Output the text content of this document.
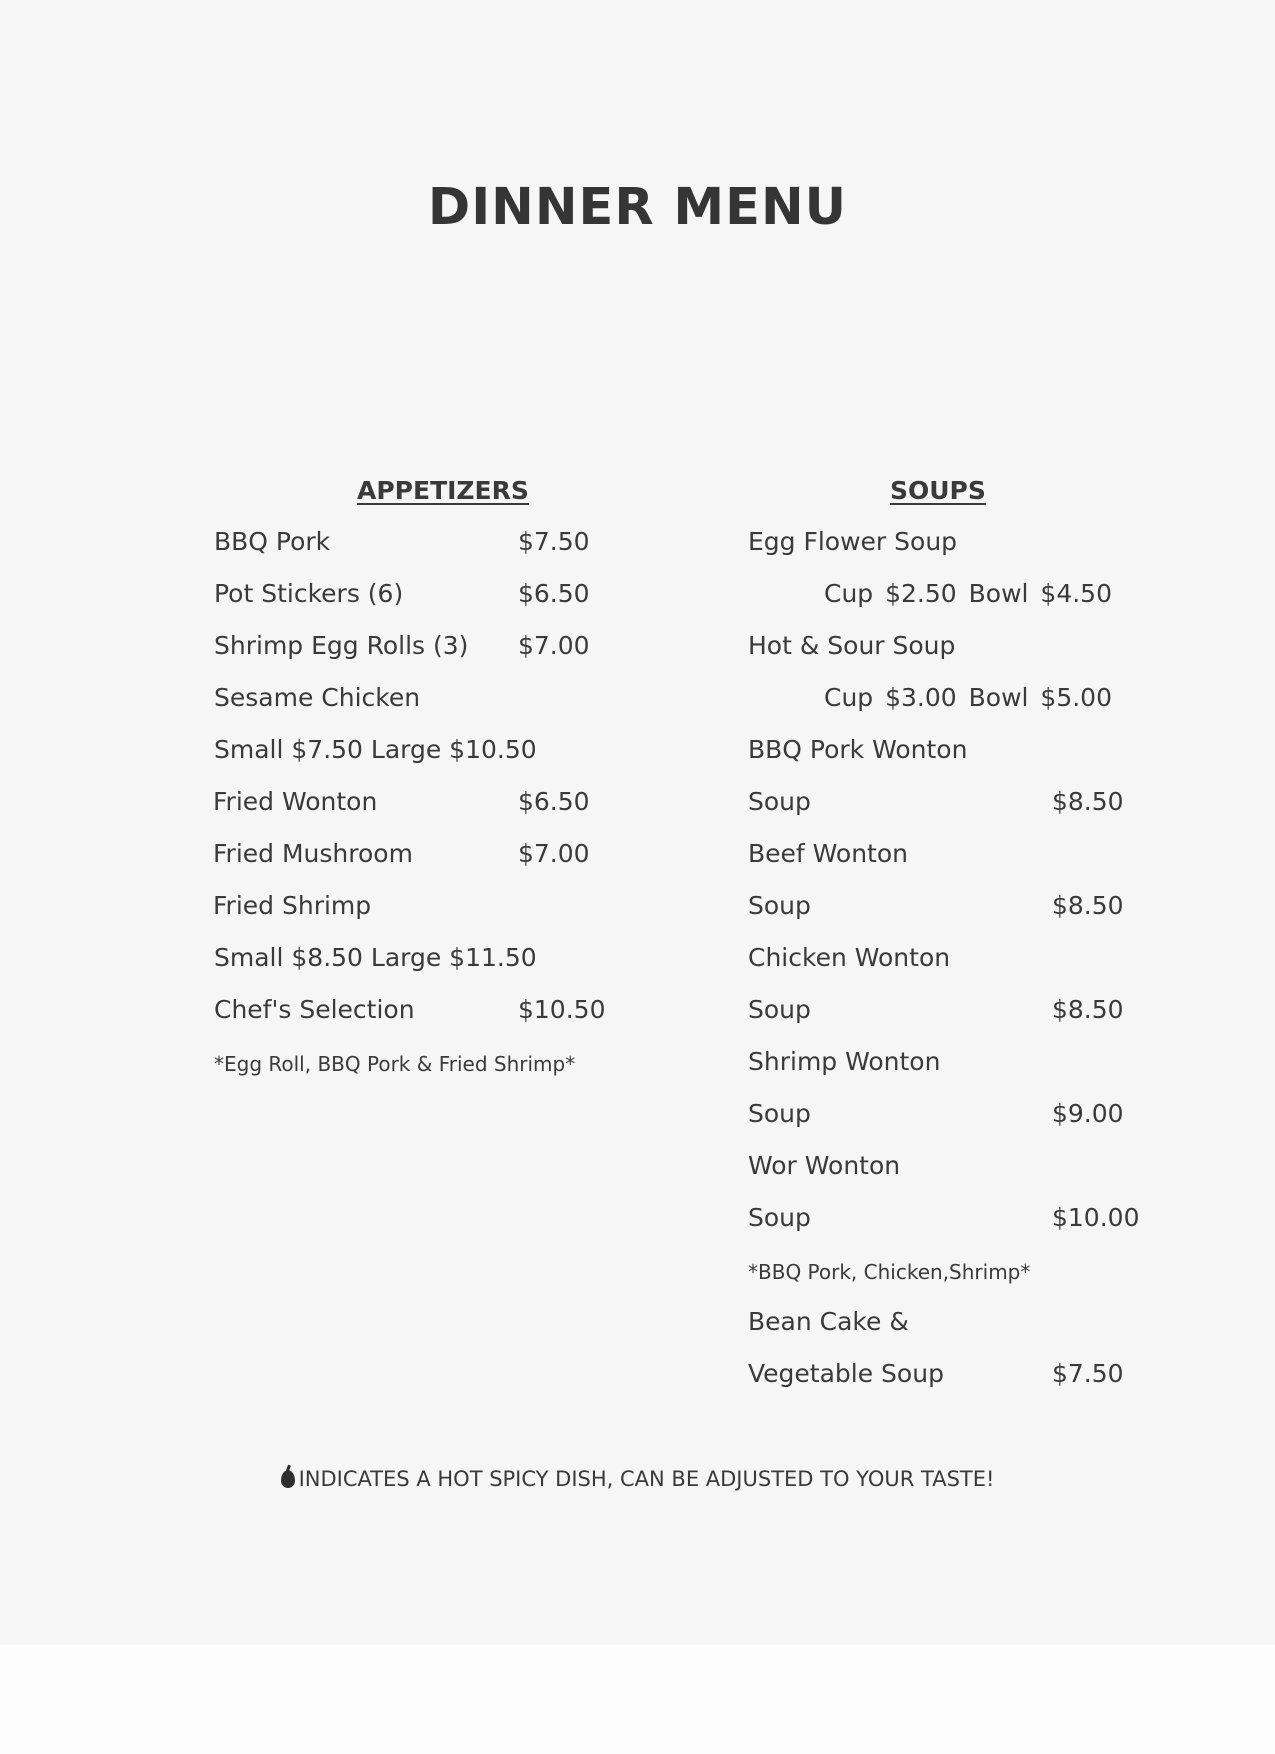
DINNER MENU
APPETIZERS
BBQ Pork	$7.50
Pot Stickers (6)	$6.50
Shrimp Egg Rolls (3) $7.00
Sesame Chicken
Small $7.50 Large $10.50
Fried Wonton	$6.50
Fried Mushroom	$7.00
Fried Shrimp
Small $8.50 Large $11.50
Chef's Selection	$10.50
*Egg Roll, BBQ Pork & Fried Shrimp*
SOUPS
Egg Flower Soup
Cup $2.50 Bowl $4.50
Hot & Sour Soup
Cup $3.00 Bowl $5.00
BBQ Pork Wonton
Soup	$8.50
Beef Wonton
Soup	$8.50
Chicken Wonton
Soup	$8.50
Shrimp Wonton
Soup	$9.00
Wor Wonton
Soup	$10.00
*BBQ Pork, Chicken,Shrimp*
Bean Cake &
Vegetable Soup	$7.50
INDICATES A HOT SPICY DISH, CAN BE ADJUSTED TO YOUR TASTE!
